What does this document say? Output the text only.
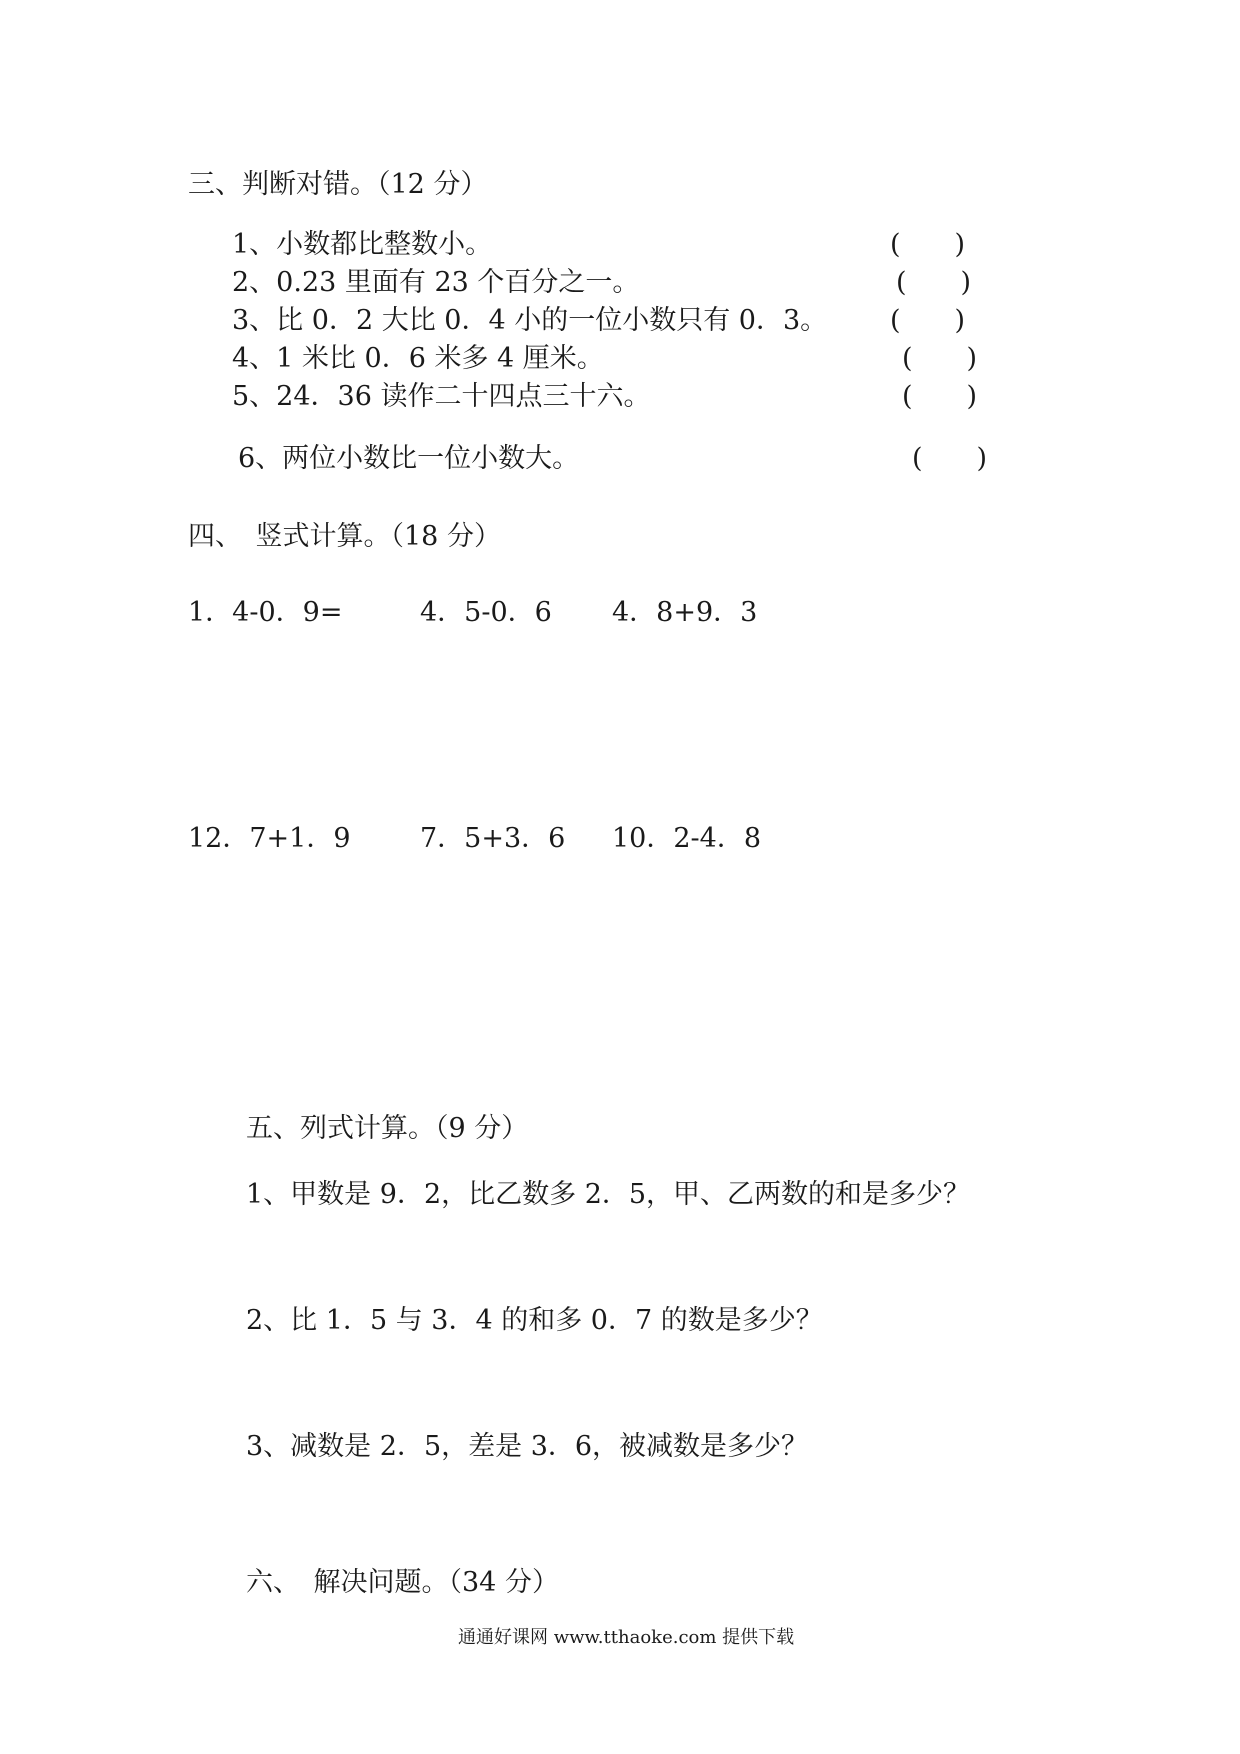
三、判断对错。（12 分）
1、小数都比整数小。	(　　)
2、0.23 里面有 23 个百分之一。	(　　)
3、比 0．2 大比 0．4 小的一位小数只有 0．3。 (　　)
4、1 米比 0．6 米多 4 厘米。	(　　)
5、24．36 读作二十四点三十六。	(　　)
6、两位小数比一位小数大。	(　　)
四、　竖式计算。（18 分）
1．4-0．9=	4．5-0．6 4．8+9．3
12．7+1．9	7．5+3．6 10．2-4．8
五、列式计算。（9 分）
1、甲数是 9．2，比乙数多 2．5，甲、乙两数的和是多少？
2、比 1．5 与 3．4 的和多 0．7 的数是多少？
3、减数是 2．5，差是 3．6，被减数是多少？
六、　解决问题。（34 分）
通通好课网 www.tthaoke.com 提供下载
